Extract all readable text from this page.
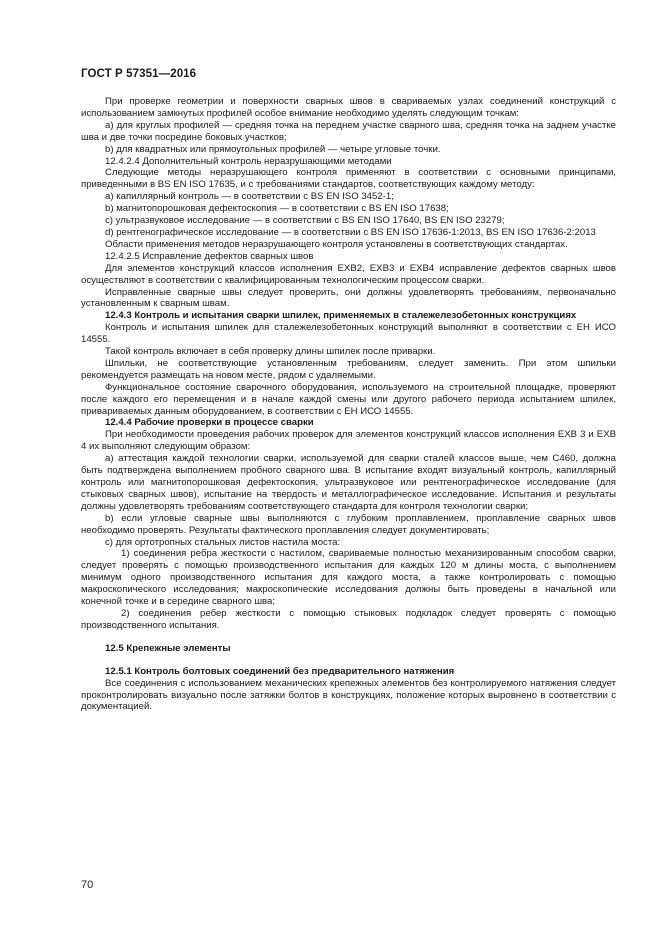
ГОСТ Р 57351—2016

При проверке геометрии и поверхности сварных швов в свариваемых узлах соединений конструкций с использованием замкнутых профилей особое внимание необходимо уделять следующим точкам:

a) для круглых профилей — средняя точка на переднем участке сварного шва, средняя точка на заднем участке шва и две точки посредине боковых участков;

b) для квадратных или прямоугольных профилей — четыре угловые точки.

12.4.2.4 Дополнительный контроль неразрушающими методами

Следующие методы неразрушающего контроля применяют в соответствии с основными принципами, приведенными в BS EN ISO 17635, и с требованиями стандартов, соответствующих каждому методу:

a) капиллярный контроль — в соответствии с BS EN ISO 3452-1;

b) магнитопорошковая дефектоскопия — в соответствии с BS EN ISO 17638;

c) ультразвуковое исследование — в соответствии с BS EN ISO 17640, BS EN ISO 23279;

d) рентгенографическое исследование — в соответствии с BS EN ISO 17636-1:2013, BS EN ISO 17636-2:2013

Области применения методов неразрушающего контроля установлены в соответствующих стандартах.

12.4.2.5 Исправление дефектов сварных швов

Для элементов конструкций классов исполнения EXB2, EXB3 и EXB4 исправление дефектов сварных швов осуществляют в соответствии с квалифицированным технологическим процессом сварки.

Исправленные сварные швы следует проверить, они должны удовлетворять требованиям, первоначально установленным к сварным швам.

12.4.3 Контроль и испытания сварки шпилек, применяемых в сталежелезобетонных конструкциях

Контроль и испытания шпилек для сталежелезобетонных конструкций выполняют в соответствии с ЕН ИСО 14555.

Такой контроль включает в себя проверку длины шпилек после приварки.

Шпильки, не соответствующие установленным требованиям, следует заменить. При этом шпильки рекомендуется размещать на новом месте, рядом с удаляемыми.

Функциональное состояние сварочного оборудования, используемого на строительной площадке, проверяют после каждого его перемещения и в начале каждой смены или другого рабочего периода испытанием шпилек, привариваемых данным оборудованием, в соответствии с ЕН ИСО 14555.

12.4.4 Рабочие проверки в процессе сварки

При необходимости проведения рабочих проверок для элементов конструкций классов исполнения EXB 3 и EXB 4 их выполняют следующим образом:

a) аттестация каждой технологии сварки, используемой для сварки сталей классов выше, чем С460, должна быть подтверждена выполнением пробного сварного шва. В испытание входят визуальный контроль, капиллярный контроль или магнитопорошковая дефектоскопия, ультразвуковое или рентгенографическое исследование (для стыковых сварных швов), испытание на твердость и металлографическое исследование. Испытания и результаты должны удовлетворять требованиям соответствующего стандарта для контроля технологии сварки;

b) если угловые сварные швы выполняются с глубоким проплавлением, проплавление сварных швов необходимо проверять. Результаты фактического проплавления следует документировать;

c) для ортотропных стальных листов настила моста:

1) соединения ребра жесткости с настилом, свариваемые полностью механизированным способом сварки, следует проверять с помощью производственного испытания для каждых 120 м длины моста, с выполнением минимум одного производственного испытания для каждого моста, а также контролировать с помощью макроскопического исследования; макроскопические исследования должны быть проведены в начальной или конечной точке и в середине сварного шва;

2) соединения ребер жесткости с помощью стыковых подкладок следует проверять с помощью производственного испытания.

12.5 Крепежные элементы

12.5.1 Контроль болтовых соединений без предварительного натяжения

Все соединения с использованием механических крепежных элементов без контролируемого натяжения следует проконтролировать визуально после затяжки болтов в конструкциях, положение которых выровнено в соответствии с документацией.

70
